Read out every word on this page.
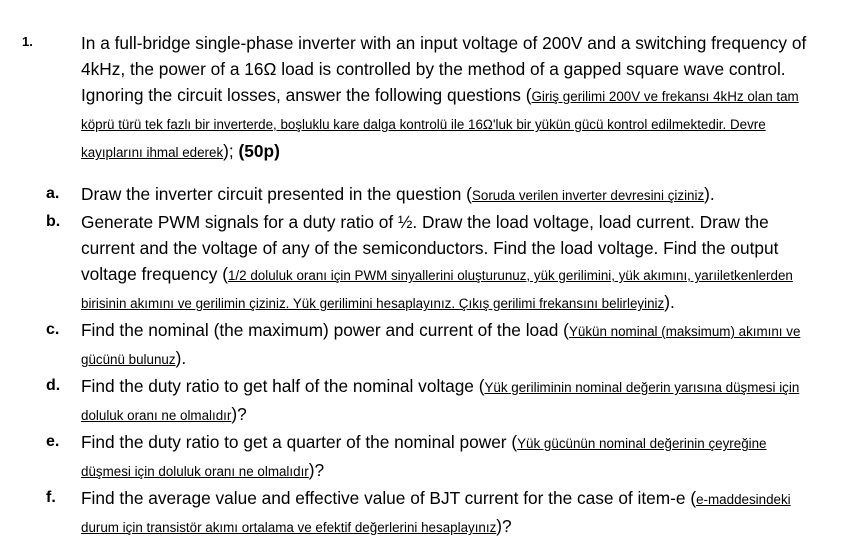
1.	In a full-bridge single-phase inverter with an input voltage of 200V and a switching frequency of 4kHz, the power of a 16Ω load is controlled by the method of a gapped square wave control. Ignoring the circuit losses, answer the following questions (Giriş gerilimi 200V ve frekansı 4kHz olan tam köprü türü tek fazlı bir inverterde, boşluklu kare dalga kontrolü ile 16Ω'luk bir yükün gücü kontrol edilmektedir. Devre kayıplarını ihmal ederek); (50p)
a. Draw the inverter circuit presented in the question (Soruda verilen inverter devresini çiziniz).
b. Generate PWM signals for a duty ratio of ½. Draw the load voltage, load current. Draw the current and the voltage of any of the semiconductors. Find the load voltage. Find the output voltage frequency (1/2 doluluk oranı için PWM sinyallerini oluşturunuz, yük gerilimini, yük akımını, yarıiletkenlerden birisinin akımını ve gerilimin çiziniz. Yük gerilimini hesaplayınız. Çıkış gerilimi frekansını belirleyiniz).
c. Find the nominal (the maximum) power and current of the load (Yükün nominal (maksimum) akımını ve gücünü bulunuz).
d. Find the duty ratio to get half of the nominal voltage (Yük geriliminin nominal değerin yarısına düşmesi için doluluk oranı ne olmalıdır)?
e. Find the duty ratio to get a quarter of the nominal power (Yük gücünün nominal değerinin çeyreğine düşmesi için doluluk oranı ne olmalıdır)?
f. Find the average value and effective value of BJT current for the case of item-e (e-maddesindeki durum için transistör akımı ortalama ve efektif değerlerini hesaplayınız)?
